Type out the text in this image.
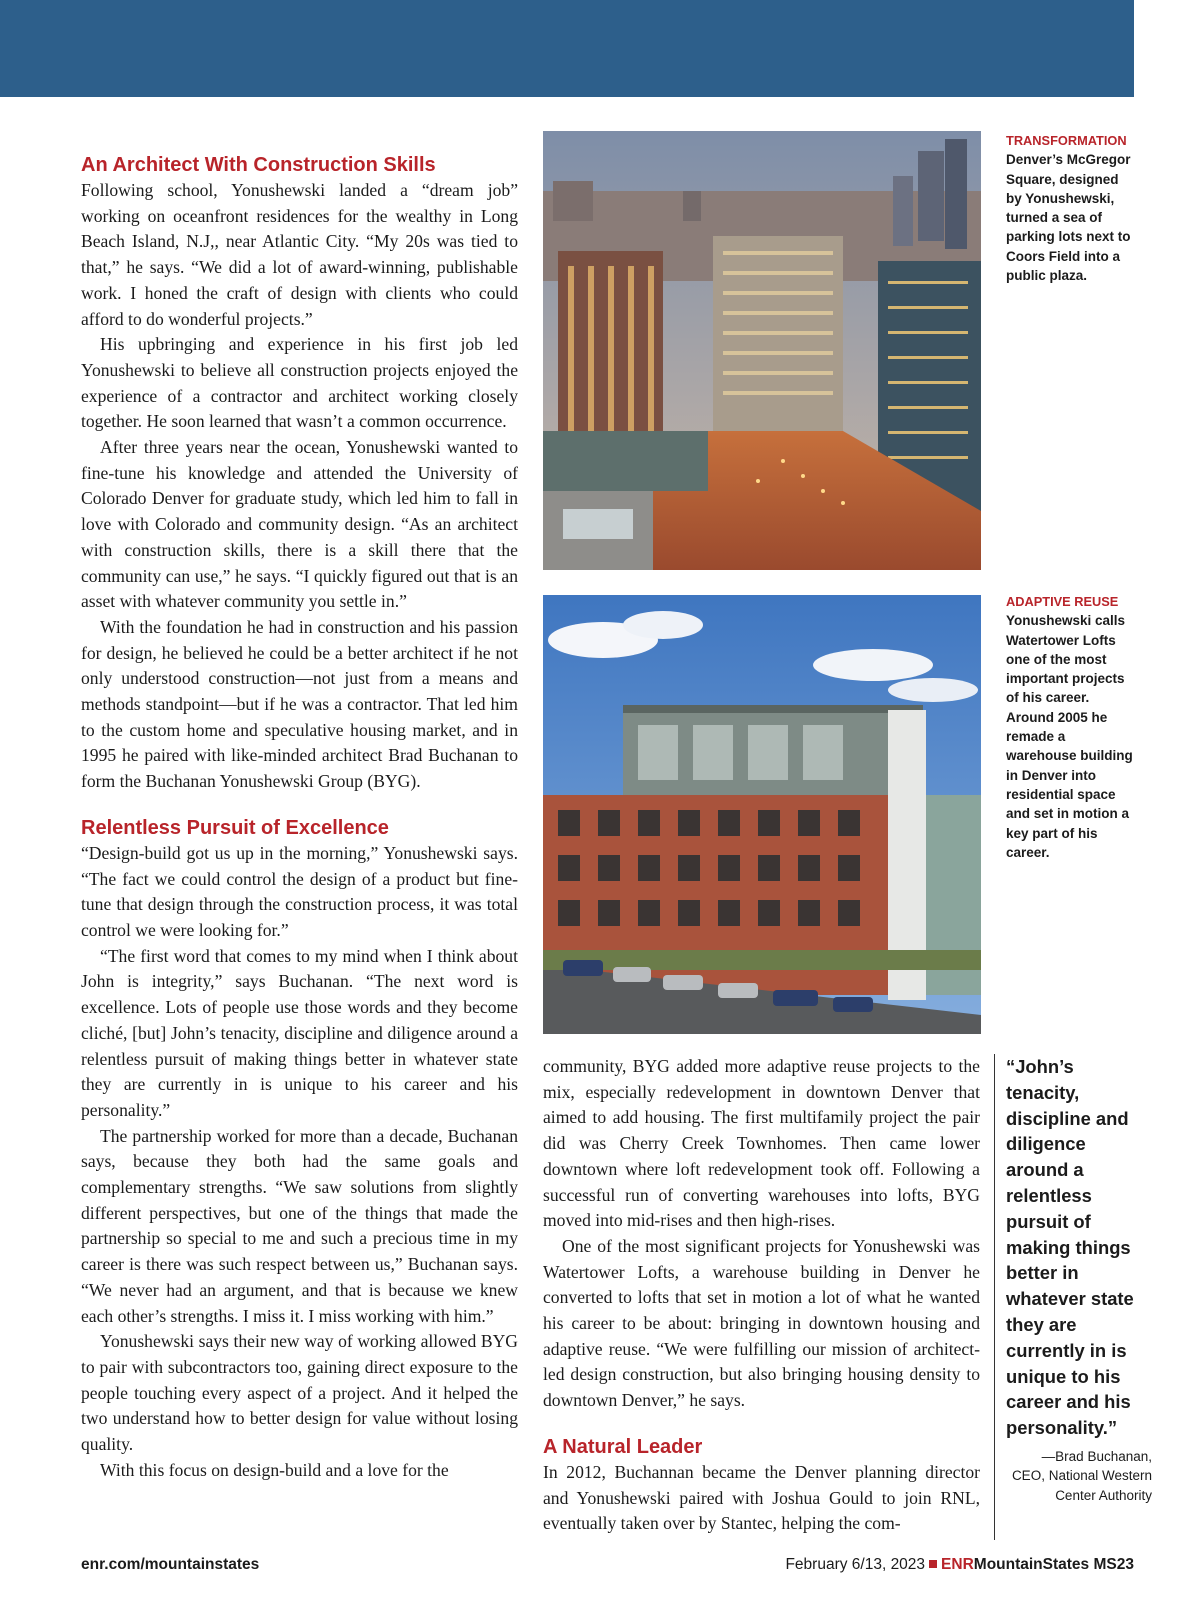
An Architect With Construction Skills

Following school, Yonushewski landed a “dream job” working on oceanfront residences for the wealthy in Long Beach Island, N.J,, near Atlantic City. “My 20s was tied to that,” he says. “We did a lot of award-winning, publishable work. I honed the craft of design with clients who could afford to do wonderful projects.”

His upbringing and experience in his first job led Yonushewski to believe all construction projects enjoyed the experience of a contractor and architect working closely together. He soon learned that wasn’t a common occurrence.

After three years near the ocean, Yonushewski wanted to fine-tune his knowledge and attended the University of Colorado Denver for graduate study, which led him to fall in love with Colorado and community design. “As an architect with construction skills, there is a skill there that the community can use,” he says. “I quickly figured out that is an asset with whatever community you settle in.”

With the foundation he had in construction and his passion for design, he believed he could be a better architect if he not only understood construction—not just from a means and methods standpoint—but if he was a contractor. That led him to the custom home and speculative housing market, and in 1995 he paired with like-minded architect Brad Buchanan to form the Buchanan Yonushewski Group (BYG).

Relentless Pursuit of Excellence

“Design-build got us up in the morning,” Yonushewski says. “The fact we could control the design of a product but fine-tune that design through the construction process, it was total control we were looking for.”

“The first word that comes to my mind when I think about John is integrity,” says Buchanan. “The next word is excellence. Lots of people use those words and they become cliché, [but] John’s tenacity, discipline and diligence around a relentless pursuit of making things better in whatever state they are currently in is unique to his career and his personality.”

The partnership worked for more than a decade, Buchanan says, because they both had the same goals and complementary strengths. “We saw solutions from slightly different perspectives, but one of the things that made the partnership so special to me and such a precious time in my career is there was such respect between us,” Buchanan says. “We never had an argument, and that is because we knew each other’s strengths. I miss it. I miss working with him.”

Yonushewski says their new way of working allowed BYG to pair with subcontractors too, gaining direct exposure to the people touching every aspect of a project. And it helped the two understand how to better design for value without losing quality.

With this focus on design-build and a love for the

TRANSFORMATION
Denver’s McGregor Square, designed by Yonushewski, turned a sea of parking lots next to Coors Field into a public plaza.
ADAPTIVE REUSE
Yonushewski calls Watertower Lofts one of the most important projects of his career. Around 2005 he remade a warehouse building in Denver into residential space and set in motion a key part of his career.

community, BYG added more adaptive reuse projects to the mix, especially redevelopment in downtown Denver that aimed to add housing. The first multifamily project the pair did was Cherry Creek Townhomes. Then came lower downtown where loft redevelopment took off. Following a successful run of converting warehouses into lofts, BYG moved into mid-rises and then high-rises.

One of the most significant projects for Yonushewski was Watertower Lofts, a warehouse building in Denver he converted to lofts that set in motion a lot of what he wanted his career to be about: bringing in downtown housing and adaptive reuse. “We were fulfilling our mission of architect-led design construction, but also bringing housing density to downtown Denver,” he says.

A Natural Leader

In 2012, Buchannan became the Denver planning director and Yonushewski paired with Joshua Gould to join RNL, eventually taken over by Stantec, helping the com-

“John’s tenacity, discipline and diligence around a relentless pursuit of making things better in whatever state they are currently in is unique to his career and his personality.”

—Brad Buchanan, CEO, National Western Center Authority
enr.com/mountainstates	February 6/13, 2023 ENRMountainStates MS23
